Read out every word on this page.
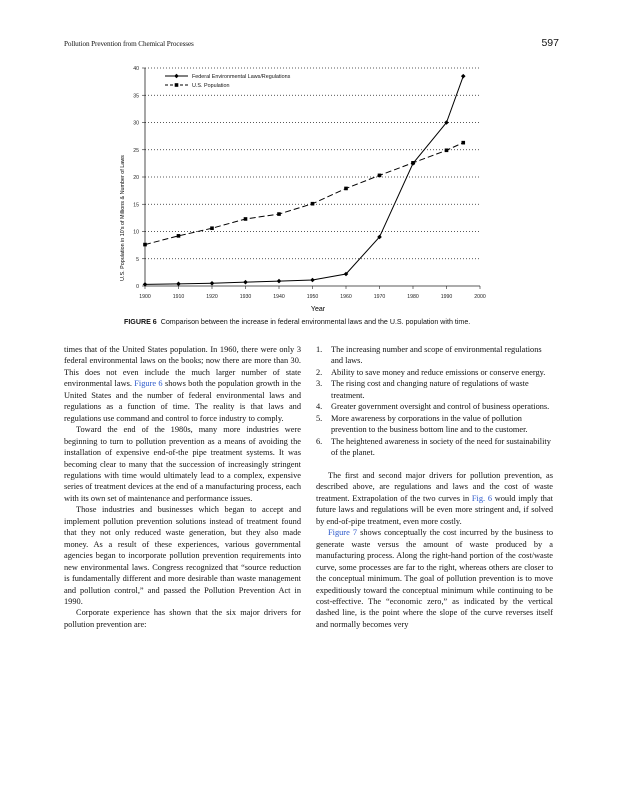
Pollution Prevention from Chemical Processes	597
0
5
10
15
20
25
30
35
40
1900	1910	1920	1930	1940	1950	1960	1970	1980	1990	2000
Federal Environmental Laws/Regulations
U.S. Population
U.S. Population in 10's of Millions & Number of Laws
Year
FIGURE 6 Comparison between the increase in federal environmental laws and the U.S. population with time.

times that of the United States population. In 1960, there were only 3 federal environmental laws on the books; now there are more than 30. This does not even include the much larger number of state environmental laws. Figure 6 shows both the population growth in the United States and the number of federal environmental laws and regulations as a function of time. The reality is that laws and regulations use command and control to force industry to comply.

Toward the end of the 1980s, many more industries were beginning to turn to pollution prevention as a means of avoiding the installation of expensive end-of-the pipe treatment systems. It was becoming clear to many that the succession of increasingly stringent regulations with time would ultimately lead to a complex, expensive series of treatment devices at the end of a manufacturing process, each with its own set of maintenance and performance issues.

Those industries and businesses which began to accept and implement pollution prevention solutions instead of treatment found that they not only reduced waste generation, but they also made money. As a result of these experiences, various governmental agencies began to incorporate pollution prevention requirements into new environmental laws. Congress recognized that “source reduction is fundamentally different and more desirable than waste management and pollution control,” and passed the Pollution Prevention Act in 1990.

Corporate experience has shown that the six major drivers for pollution prevention are:

1. The increasing number and scope of environmental regulations and laws.
2. Ability to save money and reduce emissions or conserve energy.
3. The rising cost and changing nature of regulations of waste treatment.
4. Greater government oversight and control of business operations.
5. More awareness by corporations in the value of pollution prevention to the business bottom line and to the customer.
6. The heightened awareness in society of the need for sustainability of the planet.

The first and second major drivers for pollution prevention, as described above, are regulations and laws and the cost of waste treatment. Extrapolation of the two curves in Fig. 6 would imply that future laws and regulations will be even more stringent and, if solved by end-of-pipe treatment, even more costly.

Figure 7 shows conceptually the cost incurred by the business to generate waste versus the amount of waste produced by a manufacturing process. Along the right-hand portion of the cost/waste curve, some processes are far to the right, whereas others are closer to the conceptual minimum. The goal of pollution prevention is to move expeditiously toward the conceptual minimum while continuing to be cost-effective. The “economic zero,” as indicated by the vertical dashed line, is the point where the slope of the curve reverses itself and normally becomes very
